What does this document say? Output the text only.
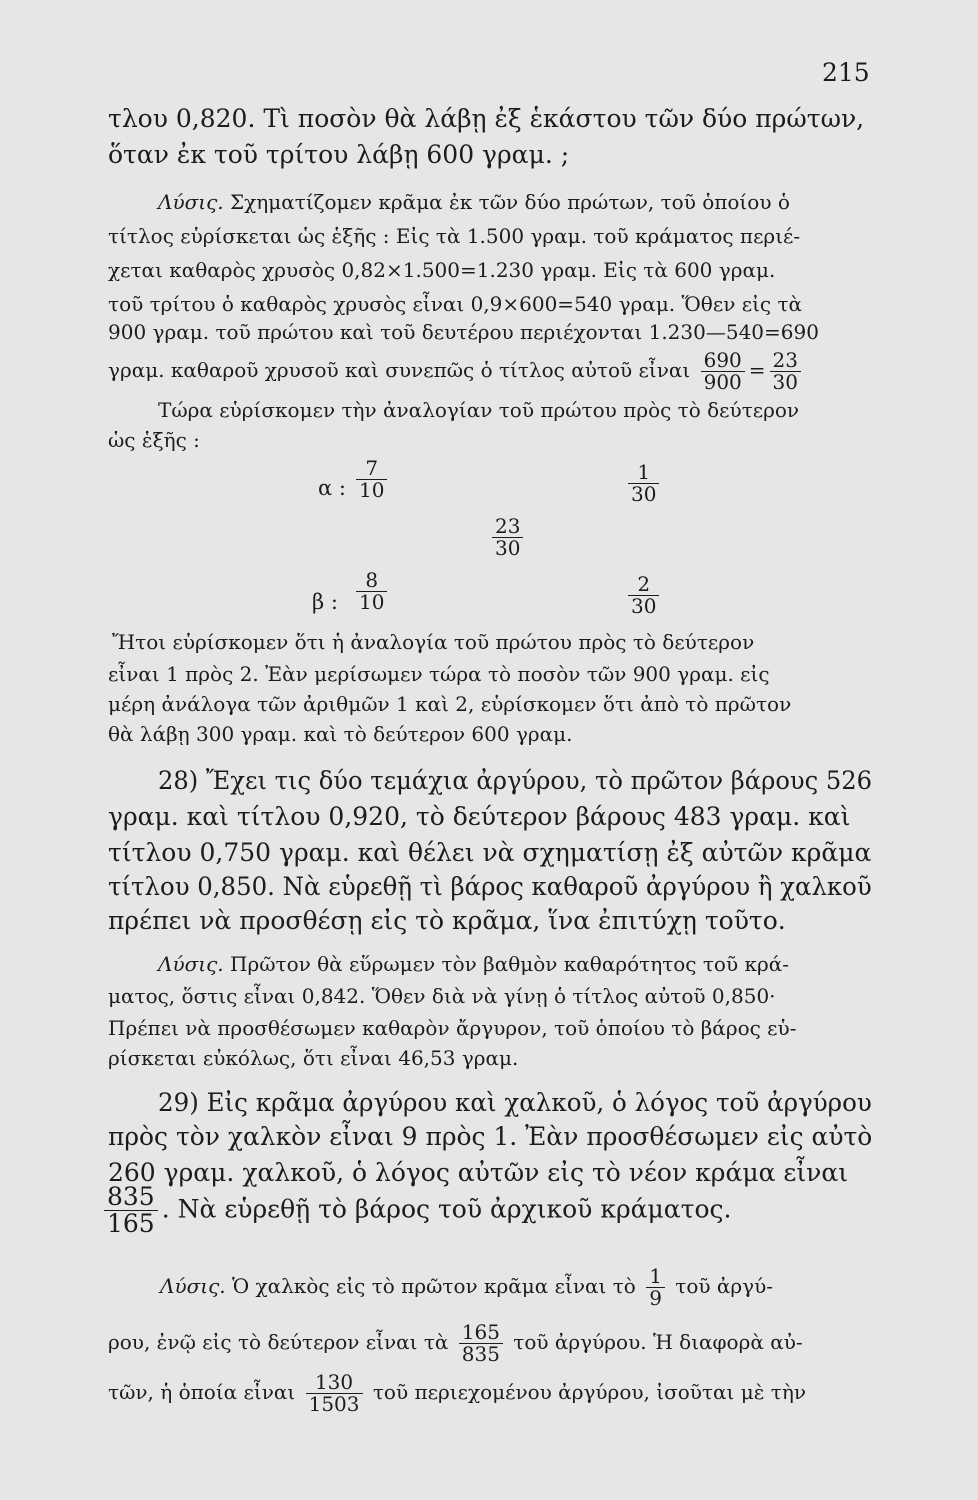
215
τλου 0,820. Τὶ ποσὸν θὰ λάβῃ ἐξ ἑκάστου τῶν δύο πρώτων,
ὅταν ἐκ τοῦ τρίτου λάβῃ 600 γραμ. ;
Λύσις. Σχηματίζομεν κρᾶμα ἐκ τῶν δύο πρώτων, τοῦ ὁποίου ὁ
τίτλος εὑρίσκεται ὡς ἑξῆς : Εἰς τὰ 1.500 γραμ. τοῦ κράματος περιέ-
χεται καθαρὸς χρυσὸς 0,82×1.500=1.230 γραμ. Εἰς τὰ 600 γραμ.
τοῦ τρίτου ὁ καθαρὸς χρυσὸς εἶναι 0,9×600=540 γραμ. Ὅθεν εἰς τὰ
900 γραμ. τοῦ πρώτου καὶ τοῦ δευτέρου περιέχονται 1.230—540=690
γραμ. καθαροῦ χρυσοῦ καὶ συνεπῶς ὁ τίτλος αὐτοῦ εἶναι $\frac{690}{900} = \frac{23}{30}$
Τώρα εὑρίσκομεν τὴν ἀναλογίαν τοῦ πρώτου πρὸς τὸ δεύτερον
ὡς ἑξῆς :
α : $\frac{7}{10}$	$\frac{1}{30}$
$\frac{23}{30}$
β : $\frac{8}{10}$	$\frac{2}{30}$
Ἤτοι εὑρίσκομεν ὅτι ἡ ἀναλογία τοῦ πρώτου πρὸς τὸ δεύτερον
εἶναι 1 πρὸς 2. Ἐὰν μερίσωμεν τώρα τὸ ποσὸν τῶν 900 γραμ. εἰς
μέρη ἀνάλογα τῶν ἀριθμῶν 1 καὶ 2, εὑρίσκομεν ὅτι ἀπὸ τὸ πρῶτον
θὰ λάβῃ 300 γραμ. καὶ τὸ δεύτερον 600 γραμ.
28) Ἔχει τις δύο τεμάχια ἀργύρου, τὸ πρῶτον βάρους 526
γραμ. καὶ τίτλου 0,920, τὸ δεύτερον βάρους 483 γραμ. καὶ
τίτλου 0,750 γραμ. καὶ θέλει νὰ σχηματίσῃ ἐξ αὐτῶν κρᾶμα
τίτλου 0,850. Νὰ εὑρεθῇ τὶ βάρος καθαροῦ ἀργύρου ἢ χαλκοῦ
πρέπει νὰ προσθέσῃ εἰς τὸ κρᾶμα, ἵνα ἐπιτύχῃ τοῦτο.
Λύσις. Πρῶτον θὰ εὕρωμεν τὸν βαθμὸν καθαρότητος τοῦ κρά-
ματος, ὅστις εἶναι 0,842. Ὅθεν διὰ νὰ γίνῃ ὁ τίτλος αὐτοῦ 0,850·
Πρέπει νὰ προσθέσωμεν καθαρὸν ἄργυρον, τοῦ ὁποίου τὸ βάρος εὑ-
ρίσκεται εὐκόλως, ὅτι εἶναι 46,53 γραμ.
29) Εἰς κρᾶμα ἀργύρου καὶ χαλκοῦ, ὁ λόγος τοῦ ἀργύρου
πρὸς τὸν χαλκὸν εἶναι 9 πρὸς 1. Ἐὰν προσθέσωμεν εἰς αὐτὸ
260 γραμ. χαλκοῦ, ὁ λόγος αὐτῶν εἰς τὸ νέον κράμα εἶναι
$\frac{835}{165}$ . Νὰ εὑρεθῇ τὸ βάρος τοῦ ἀρχικοῦ κράματος.
Λύσις. Ὁ χαλκὸς εἰς τὸ πρῶτον κρᾶμα εἶναι τὸ $\frac{1}{9}$ τοῦ ἀργύ-
ρου, ἐνῷ εἰς τὸ δεύτερον εἶναι τὰ $\frac{165}{835}$ τοῦ ἀργύρου. Ἡ διαφορὰ αὐ-
τῶν, ἡ ὁποία εἶναι $\frac{130}{1503}$ τοῦ περιεχομένου ἀργύρου, ἰσοῦται μὲ τὴν
